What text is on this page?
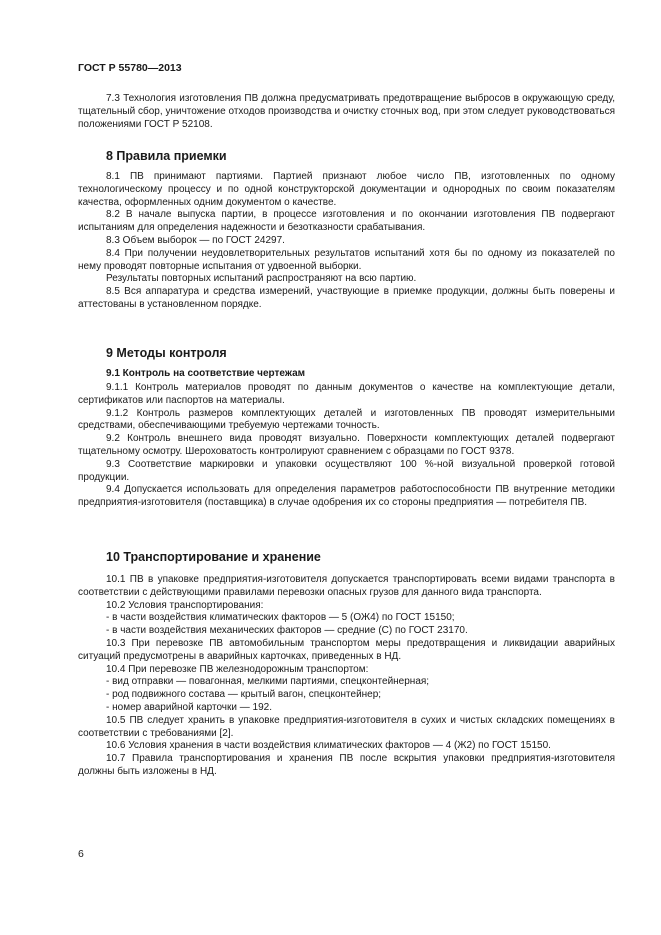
ГОСТ Р 55780—2013

7.3 Технология изготовления ПВ должна предусматривать предотвращение выбросов в окружающую среду, тщательный сбор, уничтожение отходов производства и очистку сточных вод, при этом следует руководствоваться положениями ГОСТ Р 52108.

8 Правила приемки

8.1 ПВ принимают партиями. Партией признают любое число ПВ, изготовленных по одному технологическому процессу и по одной конструкторской документации и однородных по своим показателям качества, оформленных одним документом о качестве.

8.2 В начале выпуска партии, в процессе изготовления и по окончании изготовления ПВ подвергают испытаниям для определения надежности и безотказности срабатывания.

8.3 Объем выборок — по ГОСТ 24297.

8.4 При получении неудовлетворительных результатов испытаний хотя бы по одному из показателей по нему проводят повторные испытания от удвоенной выборки.

Результаты повторных испытаний распространяют на всю партию.

8.5 Вся аппаратура и средства измерений, участвующие в приемке продукции, должны быть поверены и аттестованы в установленном порядке.

9 Методы контроля
9.1 Контроль на соответствие чертежам

9.1.1 Контроль материалов проводят по данным документов о качестве на комплектующие детали, сертификатов или паспортов на материалы.

9.1.2 Контроль размеров комплектующих деталей и изготовленных ПВ проводят измерительными средствами, обеспечивающими требуемую чертежами точность.

9.2 Контроль внешнего вида проводят визуально. Поверхности комплектующих деталей подвергают тщательному осмотру. Шероховатость контролируют сравнением с образцами по ГОСТ 9378.

9.3 Соответствие маркировки и упаковки осуществляют 100 %-ной визуальной проверкой готовой продукции.

9.4 Допускается использовать для определения параметров работоспособности ПВ внутренние методики предприятия-изготовителя (поставщика) в случае одобрения их со стороны предприятия — потребителя ПВ.

10 Транспортирование и хранение

10.1 ПВ в упаковке предприятия-изготовителя допускается транспортировать всеми видами транспорта в соответствии с действующими правилами перевозки опасных грузов для данного вида транспорта.

10.2 Условия транспортирования:

- в части воздействия климатических факторов — 5 (ОЖ4) по ГОСТ 15150;

- в части воздействия механических факторов — средние (С) по ГОСТ 23170.

10.3 При перевозке ПВ автомобильным транспортом меры предотвращения и ликвидации аварийных ситуаций предусмотрены в аварийных карточках, приведенных в НД.

10.4 При перевозке ПВ железнодорожным транспортом:

- вид отправки — повагонная, мелкими партиями, спецконтейнерная;

- род подвижного состава — крытый вагон, спецконтейнер;

- номер аварийной карточки — 192.

10.5 ПВ следует хранить в упаковке предприятия-изготовителя в сухих и чистых складских помещениях в соответствии с требованиями [2].

10.6 Условия хранения в части воздействия климатических факторов — 4 (Ж2) по ГОСТ 15150.

10.7 Правила транспортирования и хранения ПВ после вскрытия упаковки предприятия-изготовителя должны быть изложены в НД.

6
